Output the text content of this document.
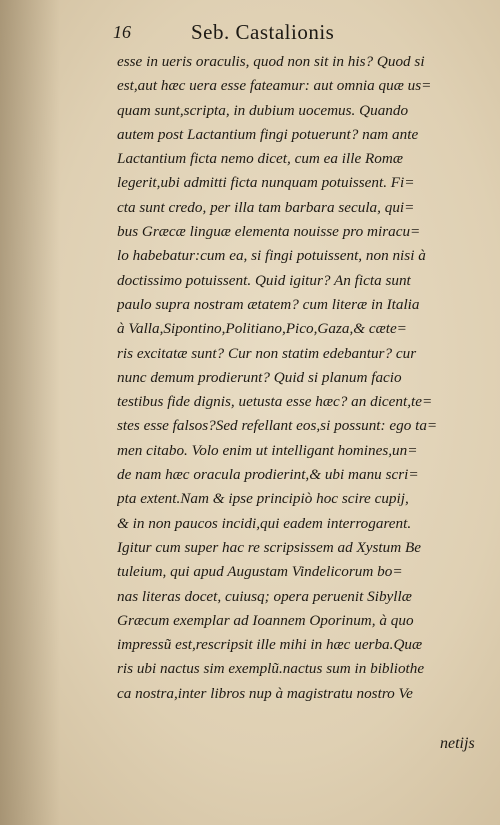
16	Seb. Castalionis
esse in ueris oraculis, quod non sit in his? Quod si
est,aut hæc uera esse fateamur: aut omnia quæ us=
quam sunt,scripta, in dubium uocemus. Quando
autem post Lactantium fingi potuerunt? nam ante
Lactantium ficta nemo dicet, cum ea ille Romæ
legerit,ubi admitti ficta nunquam potuissent. Fi=
cta sunt credo, per illa tam barbara secula, qui=
bus Græcæ linguæ elementa nouisse pro miracu=
lo habebatur:cum ea, si fingi potuissent, non nisi à
doctissimo potuissent. Quid igitur? An ficta sunt
paulo supra nostram ætatem? cum literæ in Italia
à Valla,Sipontino,Politiano,Pico,Gaza,& cæte=
ris excitatæ sunt? Cur non statim edebantur? cur
nunc demum prodierunt? Quid si planum facio
testibus fide dignis, uetusta esse hæc? an dicent,te=
stes esse falsos?Sed refellant eos,si possunt: ego ta=
men citabo. Volo enim ut intelligant homines,un=
de nam hæc oracula prodierint,& ubi manu scri=
pta extent.Nam & ipse principiò hoc scire cupij,
& in non paucos incidi,qui eadem interrogarent.
Igitur cum super hac re scripsissem ad Xystum Be
tuleium, qui apud Augustam Vindelicorum bo=
nas literas docet, cuiusq; opera peruenit Sibyllæ
Græcum exemplar ad Ioannem Oporinum, à quo
impressũ est,rescripsit ille mihi in hæc uerba.Quæ
ris ubi nactus sim exemplũ.nactus sum in bibliothe
ca nostra,inter libros nup à magistratu nostro Ve
netijs
